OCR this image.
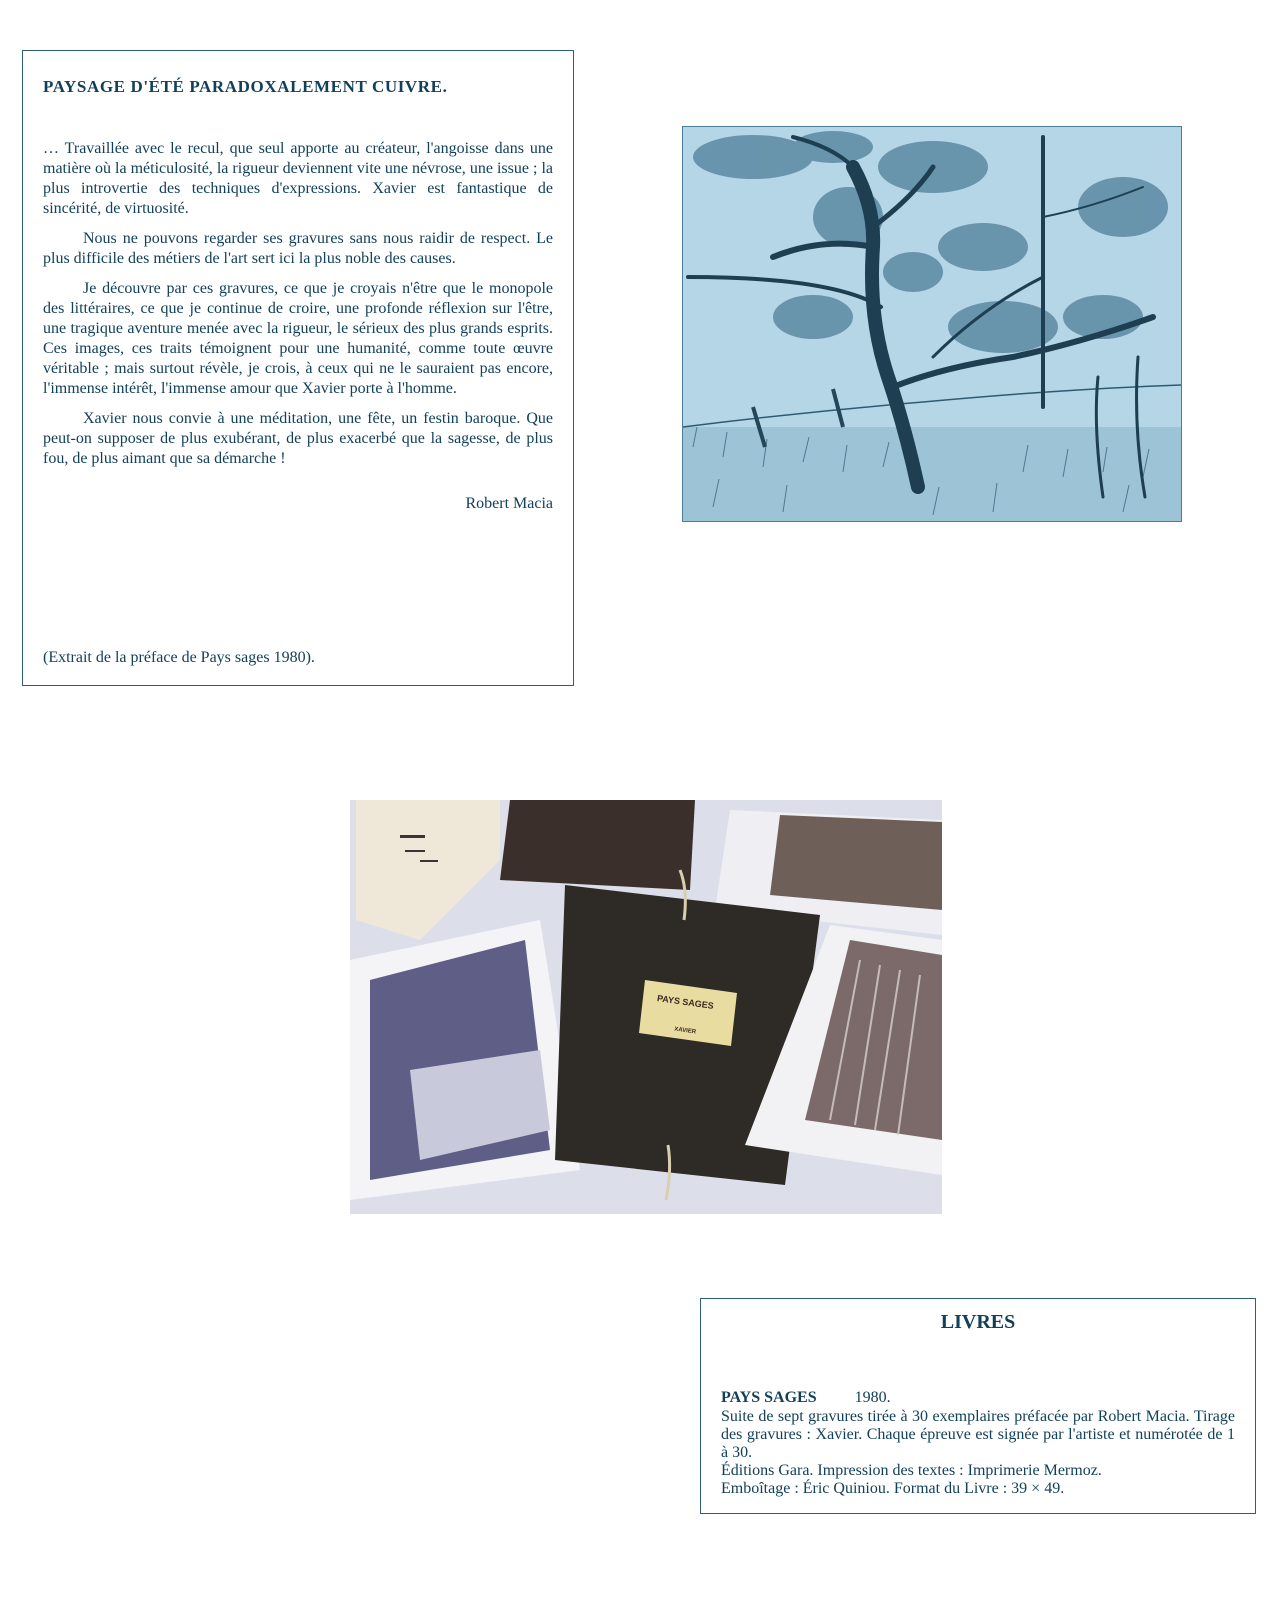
PAYSAGE D'ÉTÉ PARADOXALEMENT CUIVRE.

… Travaillée avec le recul, que seul apporte au créateur, l'angoisse dans une matière où la méticulosité, la rigueur deviennent vite une névrose, une issue ; la plus introvertie des techniques d'expressions. Xavier est fantastique de sincérité, de virtuosité.

Nous ne pouvons regarder ses gravures sans nous raidir de respect. Le plus difficile des métiers de l'art sert ici la plus noble des causes.

Je découvre par ces gravures, ce que je croyais n'être que le monopole des littéraires, ce que je continue de croire, une profonde réflexion sur l'être, une tragique aventure menée avec la rigueur, le sérieux des plus grands esprits. Ces images, ces traits témoignent pour une humanité, comme toute œuvre véritable ; mais surtout révèle, je crois, à ceux qui ne le sauraient pas encore, l'immense intérêt, l'immense amour que Xavier porte à l'homme.

Xavier nous convie à une méditation, une fête, un festin baroque. Que peut-on supposer de plus exubérant, de plus exacerbé que la sagesse, de plus fou, de plus aimant que sa démarche !

Robert Macia
(Extrait de la préface de Pays sages 1980).
PAYS SAGES
XAVIER
LIVRES
PAYS SAGES 1980.
Suite de sept gravures tirée à 30 exemplaires préfacée par Robert Macia. Tirage des gravures : Xavier. Chaque épreuve est signée par l'artiste et numérotée de 1 à 30.
Éditions Gara. Impression des textes : Imprimerie Mermoz.
Emboîtage : Éric Quiniou. Format du Livre : 39 × 49.
